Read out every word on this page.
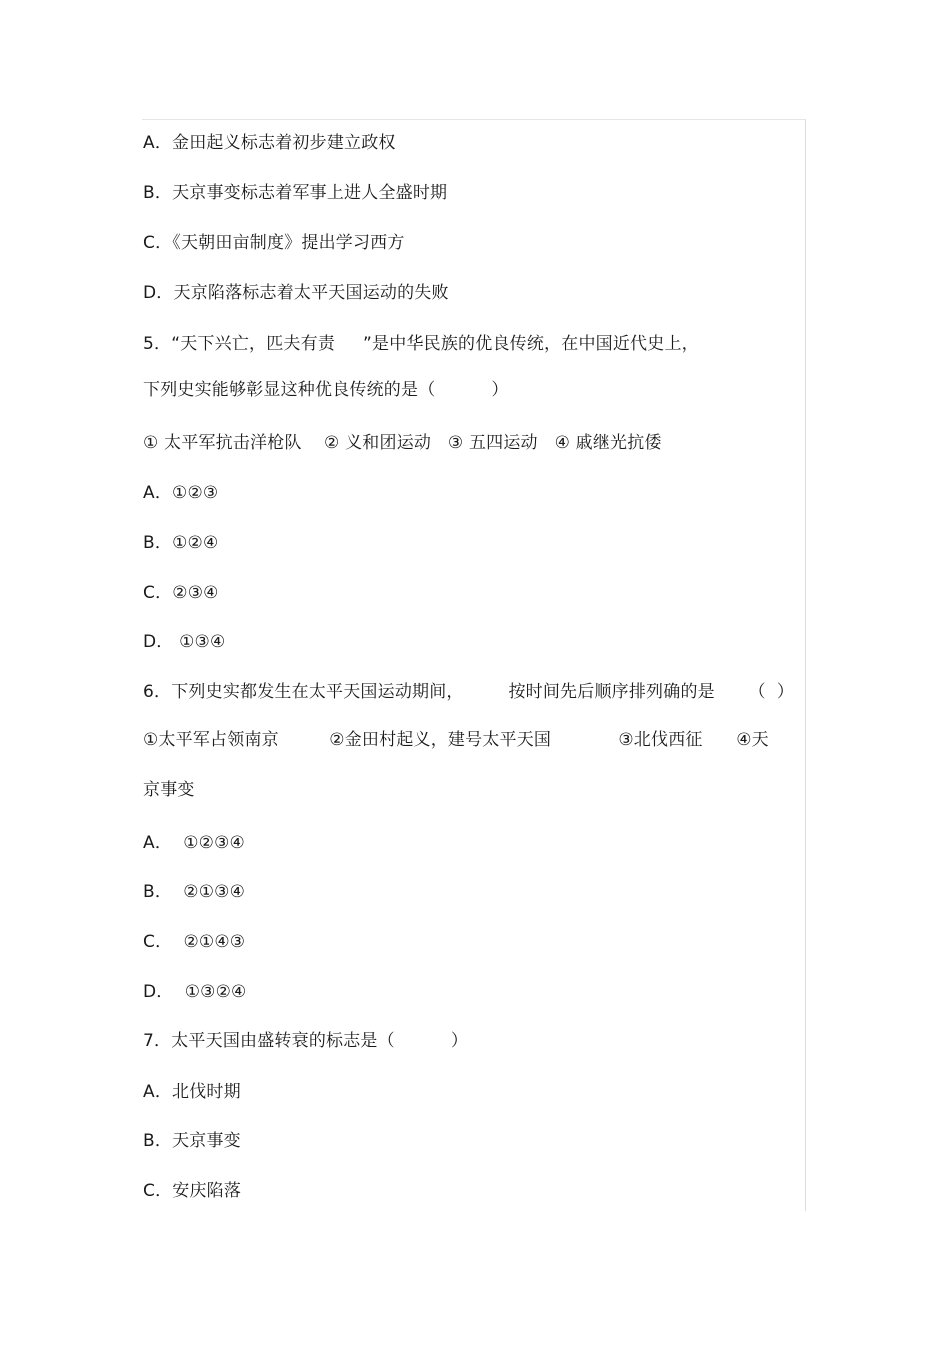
A．金田起义标志着初步建立政权
B．天京事变标志着军事上进人全盛时期
C．《天朝田亩制度》提出学习西方
D．天京陷落标志着太平天国运动的失败
5．“天下兴亡，匹夫有责     ”是中华民族的优良传统，在中国近代史上，
下列史实能够彰显这种优良传统的是（          ）
① 太平军抗击洋枪队    ② 义和团运动   ③ 五四运动   ④ 戚继光抗倭
A．①②③
B．①②④
C．②③④
D． ①③④
6．下列史实都发生在太平天国运动期间，        按时间先后顺序排列确的是      （  ）
①太平军占领南京         ②金田村起义，建号太平天国            ③北伐西征      ④天
京事变
A．  ①②③④
B．  ②①③④
C．  ②①④③
D．  ①③②④
7．太平天国由盛转衰的标志是（          ）
A．北伐时期
B．天京事变
C．安庆陷落
